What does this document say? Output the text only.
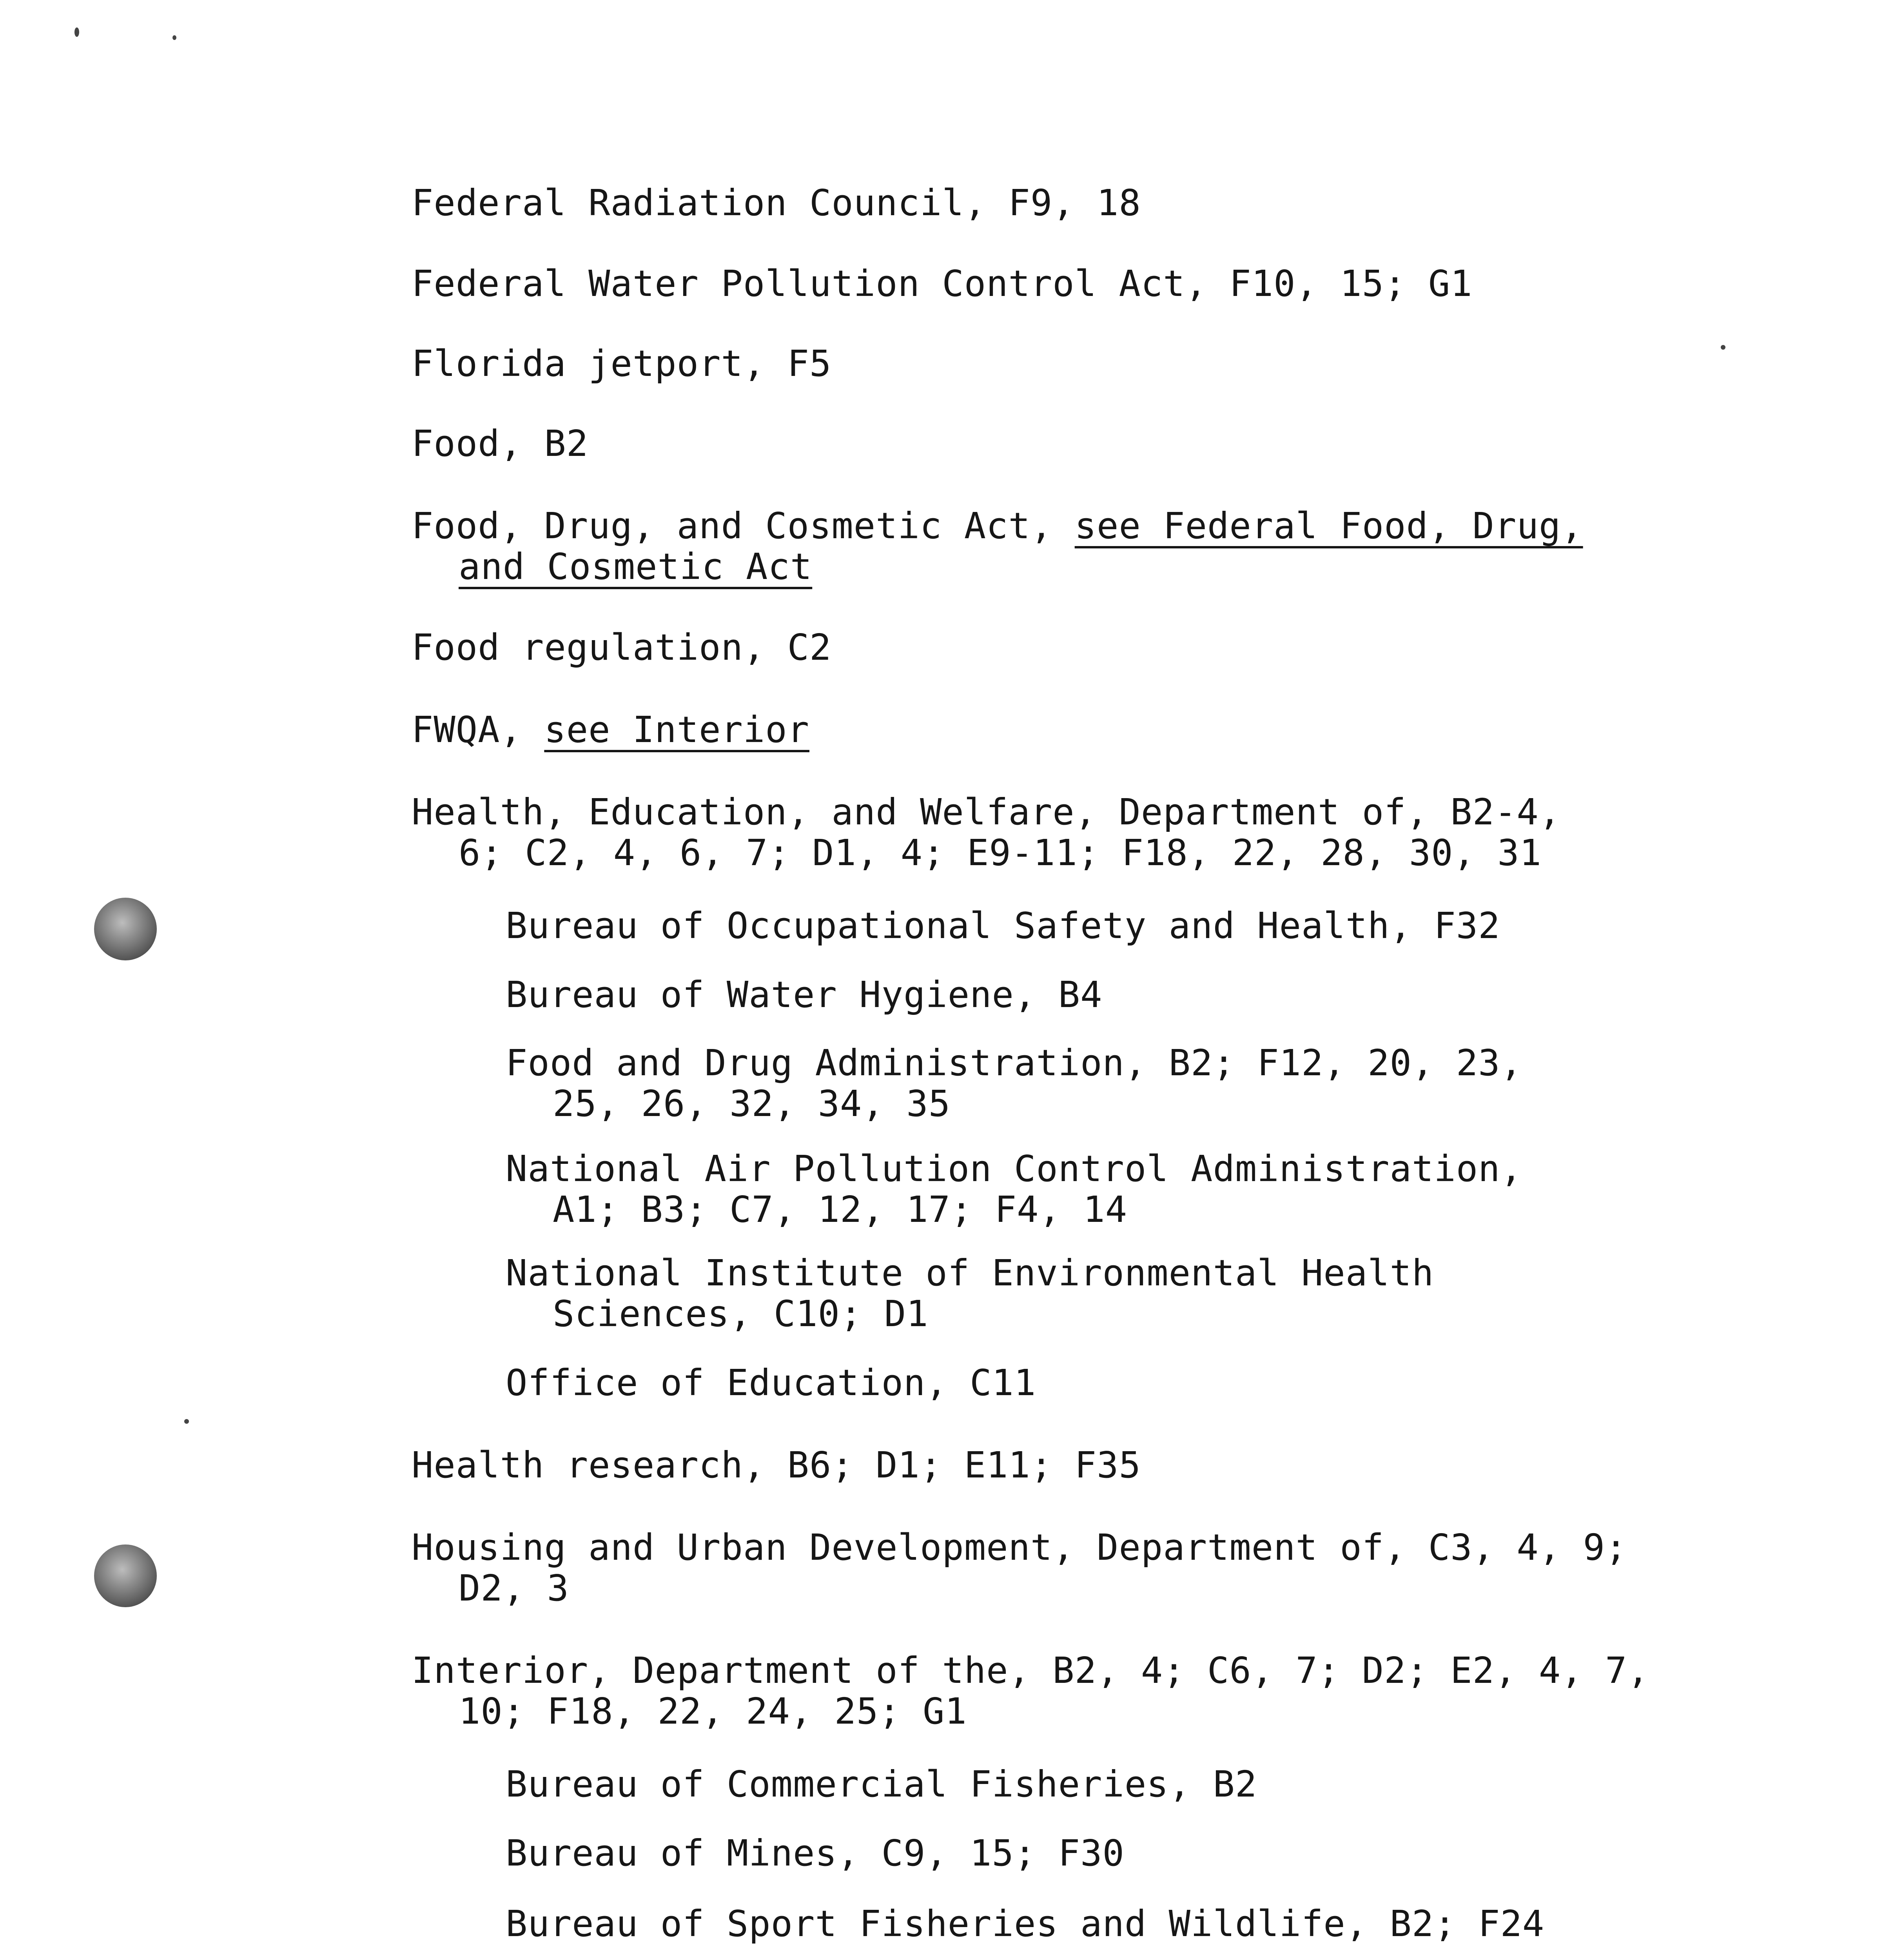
Federal Radiation Council, F9, 18

Federal Water Pollution Control Act, F10, 15; G1

Florida jetport, F5

Food, B2

Food, Drug, and Cosmetic Act, see Federal Food, Drug,
and Cosmetic Act

Food regulation, C2

FWQA, see Interior

Health, Education, and Welfare, Department of, B2-4,
6; C2, 4, 6, 7; D1, 4; E9-11; F18, 22, 28, 30, 31

Bureau of Occupational Safety and Health, F32

Bureau of Water Hygiene, B4

Food and Drug Administration, B2; F12, 20, 23,
25, 26, 32, 34, 35

National Air Pollution Control Administration,
A1; B3; C7, 12, 17; F4, 14

National Institute of Environmental Health
Sciences, C10; D1

Office of Education, C11

Health research, B6; D1; E11; F35

Housing and Urban Development, Department of, C3, 4, 9;
D2, 3

Interior, Department of the, B2, 4; C6, 7; D2; E2, 4, 7,
10; F18, 22, 24, 25; G1

Bureau of Commercial Fisheries, B2

Bureau of Mines, C9, 15; F30

Bureau of Sport Fisheries and Wildlife, B2; F24
